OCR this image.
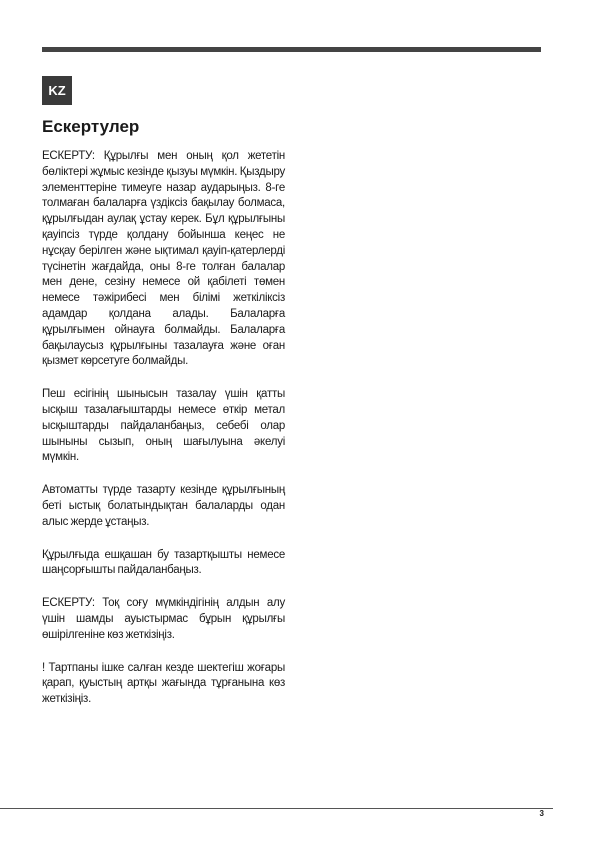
KZ
Ескертулер

ЕСКЕРТУ: Құрылғы мен оның қол жететін бөліктері жұмыс кезінде қызуы мүмкін. Қыздыру элементтеріне тимеуге назар аударыңыз. 8-ге толмаған балаларға үздіксіз бақылау болмаса, құрылғыдан аулақ ұстау керек. Бұл құрылғыны қауіпсіз түрде қолдану бойынша кеңес не нұсқау берілген және ықтимал қауіп-қатерлерді түсінетін жағдайда, оны 8-ге толған балалар мен дене, сезіну немесе ой қабілеті төмен немесе тәжірибесі мен білімі жеткіліксіз адамдар қолдана алады. Балаларға құрылғымен ойнауға болмайды. Балаларға бақылаусыз құрылғыны тазалауға және оған қызмет көрсетуге болмайды.

Пеш есігінің шынысын тазалау үшін қатты ысқыш тазалағыштарды немесе өткір метал ысқыштарды пайдаланбаңыз, себебі олар шыныны сызып, оның шағылуына әкелуі мүмкін.

Автоматты түрде тазарту кезінде құрылғының беті ыстық болатындықтан балаларды одан алыс жерде ұстаңыз.

Құрылғыда ешқашан бу тазартқышты немесе шаңсорғышты пайдаланбаңыз.

ЕСКЕРТУ: Тоқ соғу мүмкіндігінің алдын алу үшін шамды ауыстырмас бұрын құрылғы өшірілгеніне көз жеткізіңіз.

! Тартпаны ішке салған кезде шектегіш жоғары қарап, қуыстың артқы жағында тұрғанына көз жеткізіңіз.

3
